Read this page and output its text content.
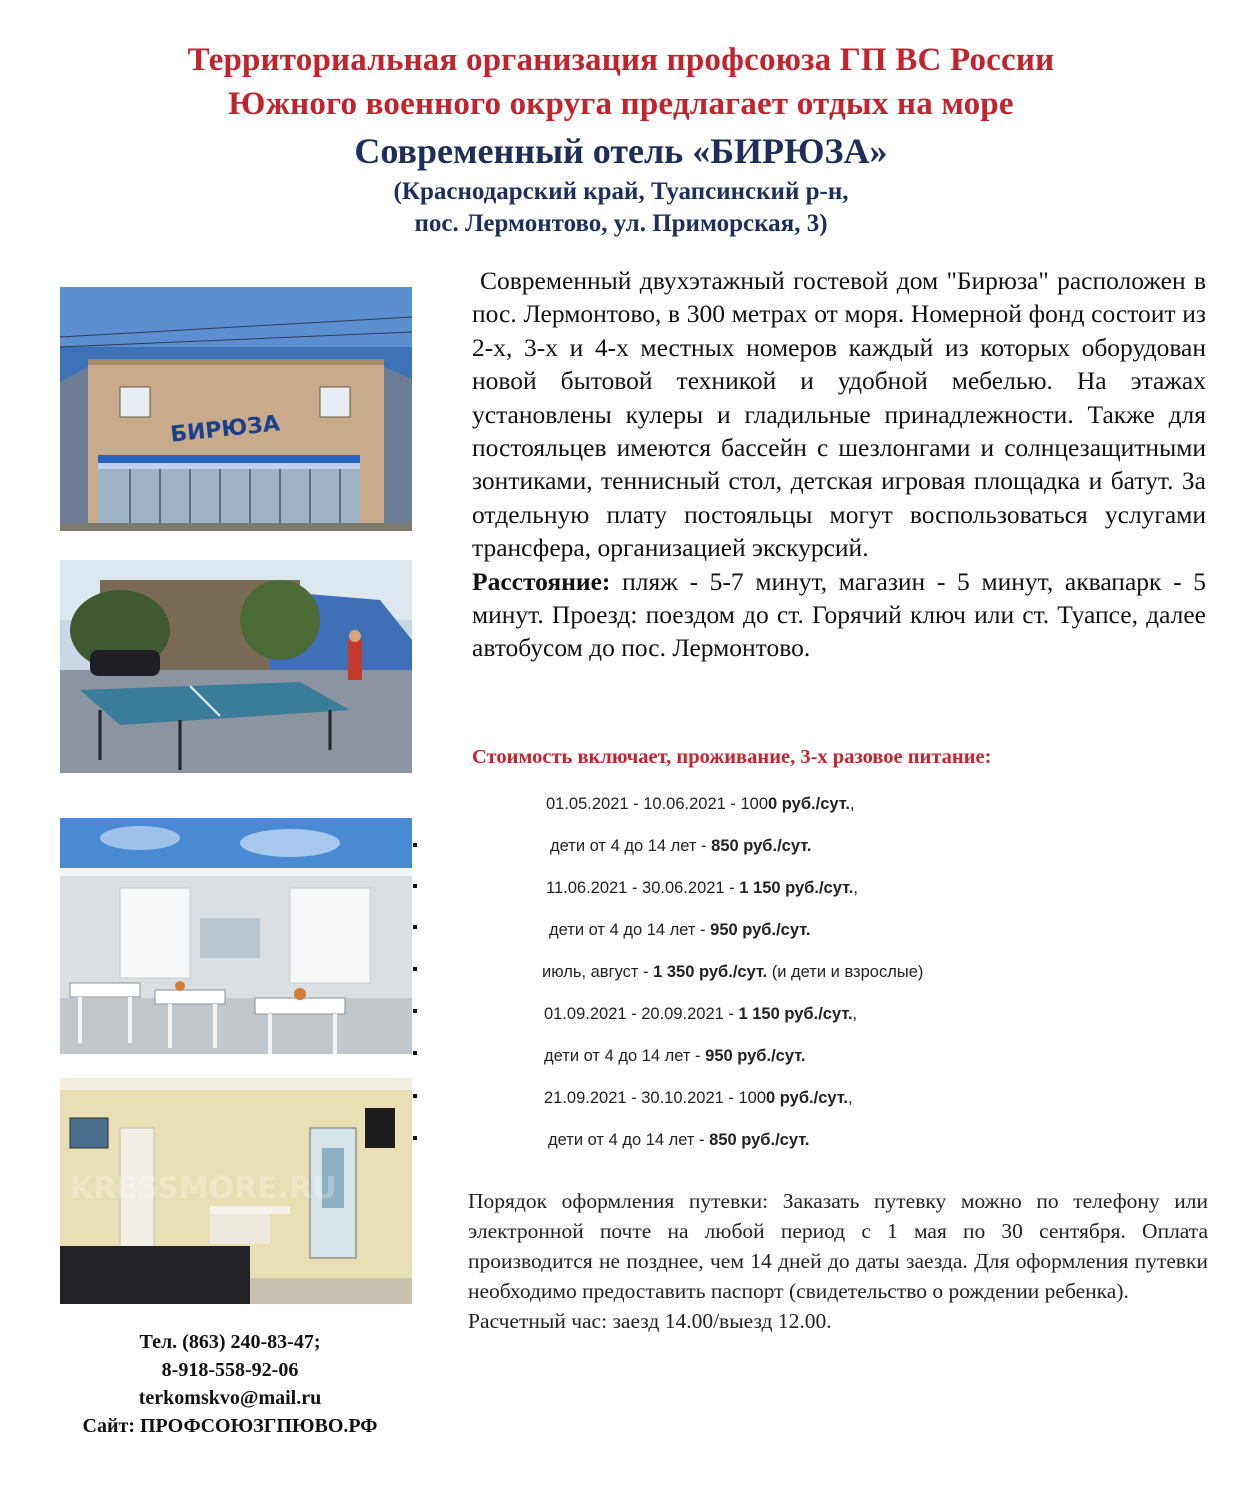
Территориальная организация профсоюза ГП ВС России
Южного военного округа предлагает отдых на море
Современный отель «БИРЮЗА»
(Краснодарский край, Туапсинский р-н,
пос. Лермонтово, ул. Приморская, 3)
БИРЮЗА
KRESSMORE.RU

Современный двухэтажный гостевой дом "Бирюза" расположен в пос. Лермонтово, в 300 метрах от моря. Номерной фонд состоит из 2-х, 3-х и 4-х местных номеров каждый из которых оборудован новой бытовой техникой и удобной мебелью. На этажах установлены кулеры и гладильные принадлежности. Также для постояльцев имеются бассейн с шезлонгами и солнцезащитными зонтиками, теннисный стол, детская игровая площадка и батут. За отдельную плату постояльцы могут воспользоваться услугами трансфера, организацией экскурсий.

Расстояние: пляж - 5-7 минут, магазин - 5 минут, аквапарк - 5 минут. Проезд: поездом до ст. Горячий ключ или ст. Туапсе, далее автобусом до пос. Лермонтово.

Стоимость включает, проживание, 3-х разовое питание:
01.05.2021 - 10.06.2021 - 1000 руб./сут.,
дети от 4 до 14 лет - 850 руб./сут.
11.06.2021 - 30.06.2021 - 1 150 руб./сут.,
дети от 4 до 14 лет - 950 руб./сут.
июль, август - 1 350 руб./сут. (и дети и взрослые)
01.09.2021 - 20.09.2021 - 1 150 руб./сут.,
дети от 4 до 14 лет - 950 руб./сут.
21.09.2021 - 30.10.2021 - 1000 руб./сут.,
дети от 4 до 14 лет - 850 руб./сут.

Порядок оформления путевки: Заказать путевку можно по телефону или электронной почте на любой период с 1 мая по 30 сентября. Оплата производится не позднее, чем 14 дней до даты заезда. Для оформления путевки необходимо предоставить паспорт (свидетельство о рождении ребенка).

Расчетный час: заезд 14.00/выезд 12.00.

Тел. (863) 240-83-47;
8-918-558-92-06
terkomskvo@mail.ru
Сайт: ПРОФСОЮЗГПЮВО.РФ
